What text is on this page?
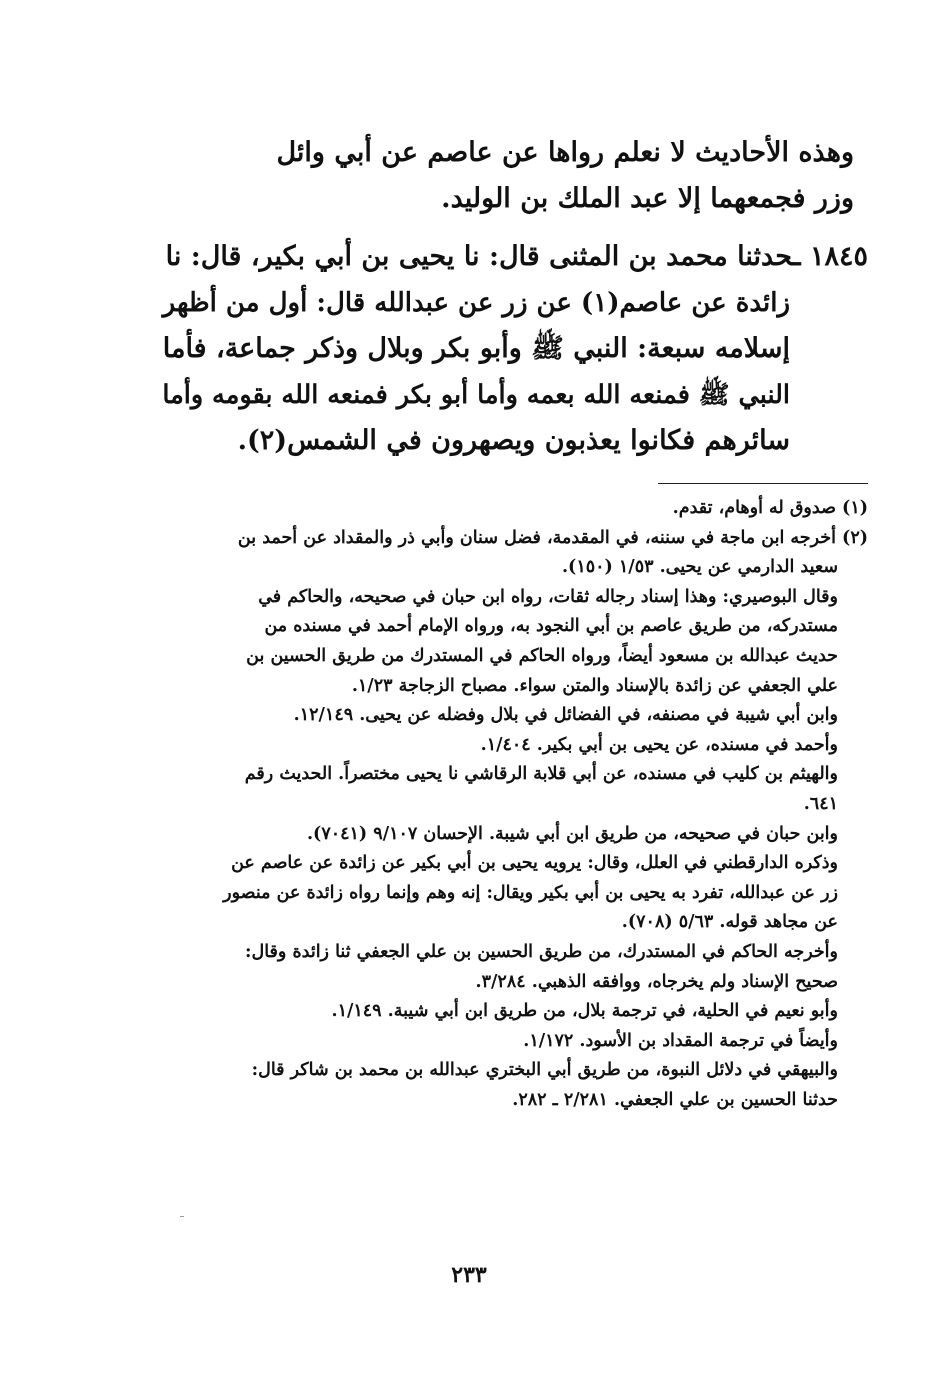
وهذه الأحاديث لا نعلم رواها عن عاصم عن أبي وائل
وزر فجمعهما إلا عبد الملك بن الوليد.
١٨٤٥ ـحدثنا محمد بن المثنى قال: نا يحيى بن أبي بكير، قال: نا
زائدة عن عاصم(١) عن زر عن عبدالله قال: أول من أظهر
إسلامه سبعة: النبي ﷺ وأبو بكر وبلال وذكر جماعة، فأما
النبي ﷺ فمنعه الله بعمه وأما أبو بكر فمنعه الله بقومه وأما
سائرهم فكانوا يعذبون ويصهرون في الشمس(٢).
(١) صدوق له أوهام، تقدم.
(٢) أخرجه ابن ماجة في سننه، في المقدمة، فضل سنان وأبي ذر والمقداد عن أحمد بن
سعيد الدارمي عن يحيى. ١/٥٣ (١٥٠).
وقال البوصيري: وهذا إسناد رجاله ثقات، رواه ابن حبان في صحيحه، والحاكم في
مستدركه، من طريق عاصم بن أبي النجود به، ورواه الإمام أحمد في مسنده من
حديث عبدالله بن مسعود أيضاً، ورواه الحاكم في المستدرك من طريق الحسين بن
علي الجعفي عن زائدة بالإسناد والمتن سواء. مصباح الزجاجة ١/٢٣.
وابن أبي شيبة في مصنفه، في الفضائل في بلال وفضله عن يحيى. ١٢/١٤٩.
وأحمد في مسنده، عن يحيى بن أبي بكير. ١/٤٠٤.
والهيثم بن كليب في مسنده، عن أبي قلابة الرقاشي نا يحيى مختصراً. الحديث رقم
٦٤١.
وابن حبان في صحيحه، من طريق ابن أبي شيبة. الإحسان ٩/١٠٧ (٧٠٤١).
وذكره الدارقطني في العلل، وقال: يرويه يحيى بن أبي بكير عن زائدة عن عاصم عن
زر عن عبدالله، تفرد به يحيى بن أبي بكير ويقال: إنه وهم وإنما رواه زائدة عن منصور
عن مجاهد قوله. ٥/٦٣ (٧٠٨).
وأخرجه الحاكم في المستدرك، من طريق الحسين بن علي الجعفي ثنا زائدة وقال:
صحيح الإسناد ولم يخرجاه، ووافقه الذهبي. ٣/٢٨٤.
وأبو نعيم في الحلية، في ترجمة بلال، من طريق ابن أبي شيبة. ١/١٤٩.
وأيضاً في ترجمة المقداد بن الأسود. ١/١٧٢.
والبيهقي في دلائل النبوة، من طريق أبي البختري عبدالله بن محمد بن شاكر قال:
حدثنا الحسين بن علي الجعفي. ٢/٢٨١ ـ ٢٨٢.
٢٣٣
